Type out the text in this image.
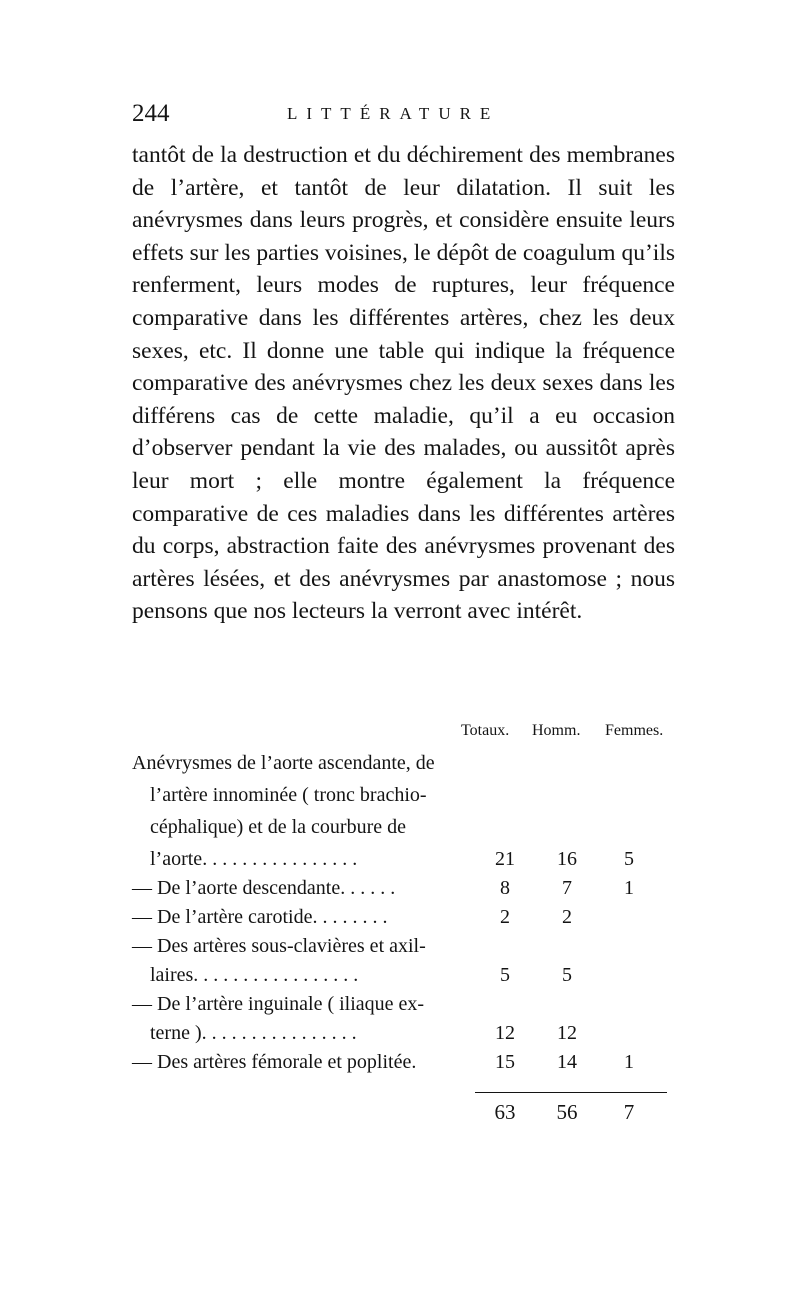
244	LITTÉRATURE

tantôt de la destruction et du déchirement des membranes de l’artère, et tantôt de leur dilatation. Il suit les anévrysmes dans leurs progrès, et considère ensuite leurs effets sur les parties voisines, le dépôt de coagulum qu’ils renferment, leurs modes de ruptures, leur fréquence comparative dans les différentes artères, chez les deux sexes, etc. Il donne une table qui indique la fréquence comparative des anévrysmes chez les deux sexes dans les différens cas de cette maladie, qu’il a eu occasion d’observer pendant la vie des malades, ou aussitôt après leur mort ; elle montre également la fréquence comparative de ces maladies dans les différentes artères du corps, abstraction faite des anévrysmes provenant des artères lésées, et des anévrysmes par anastomose ; nous pensons que nos lecteurs la verront avec intérêt.

Totaux. Homm. Femmes.
Anévrysmes de l’aorte ascendante, de
l’artère innominée ( tronc brachio-
céphalique) et de la courbure de
l’aorte. . . . . . . . . . . . . . . .	21	16	5
— De l’aorte descendante. . . . . .	8	7	1
— De l’artère carotide. . . . . . . .	2	2
— Des artères sous-clavières et axil-
laires. . . . . . . . . . . . . . . . .	5	5
— De l’artère inguinale ( iliaque ex-
terne ). . . . . . . . . . . . . . . .	12	12
— Des artères fémorale et poplitée.	15	14	1
63	56	7
